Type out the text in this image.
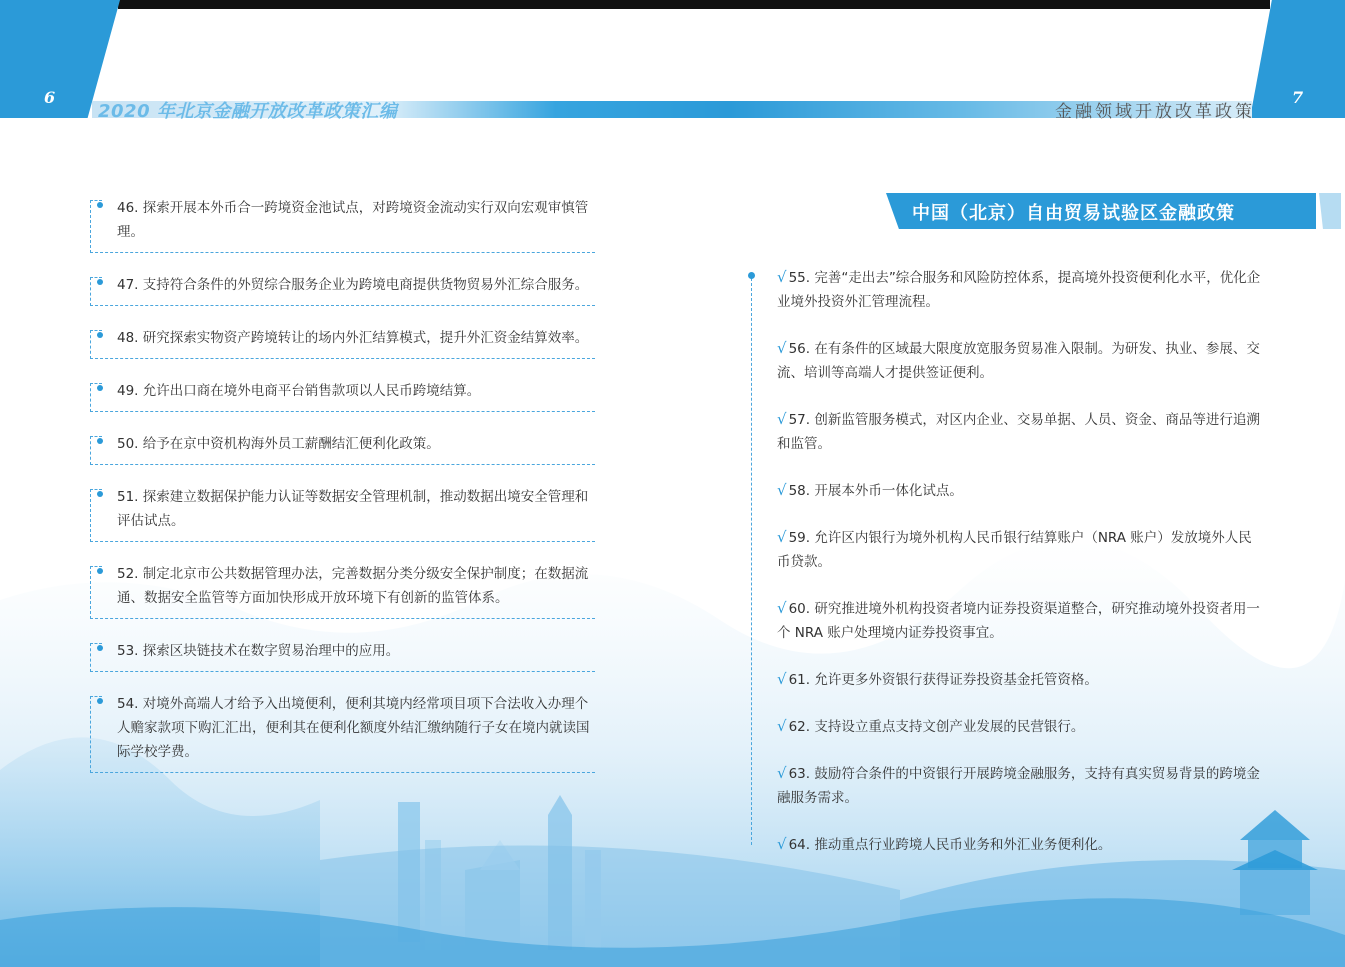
6	7
2020 年北京金融开放改革政策汇编	金融领域开放改革政策
46. 探索开展本外币合一跨境资金池试点，对跨境资金流动实行双向宏观审慎管理。
47. 支持符合条件的外贸综合服务企业为跨境电商提供货物贸易外汇综合服务。
48. 研究探索实物资产跨境转让的场内外汇结算模式，提升外汇资金结算效率。
49. 允许出口商在境外电商平台销售款项以人民币跨境结算。
50. 给予在京中资机构海外员工薪酬结汇便利化政策。
51. 探索建立数据保护能力认证等数据安全管理机制，推动数据出境安全管理和评估试点。
52. 制定北京市公共数据管理办法，完善数据分类分级安全保护制度；在数据流通、数据安全监管等方面加快形成开放环境下有创新的监管体系。
53. 探索区块链技术在数字贸易治理中的应用。
54. 对境外高端人才给予入出境便利，便利其境内经常项目项下合法收入办理个人赡家款项下购汇汇出，便利其在便利化额度外结汇缴纳随行子女在境内就读国际学校学费。
中国（北京）自由贸易试验区金融政策
√ 55. 完善“走出去”综合服务和风险防控体系，提高境外投资便利化水平，优化企业境外投资外汇管理流程。
√ 56. 在有条件的区域最大限度放宽服务贸易准入限制。为研发、执业、参展、交流、培训等高端人才提供签证便利。
√ 57. 创新监管服务模式，对区内企业、交易单据、人员、资金、商品等进行追溯和监管。
√ 58. 开展本外币一体化试点。
√ 59. 允许区内银行为境外机构人民币银行结算账户（NRA 账户）发放境外人民币贷款。
√ 60. 研究推进境外机构投资者境内证券投资渠道整合，研究推动境外投资者用一个 NRA 账户处理境内证券投资事宜。
√ 61. 允许更多外资银行获得证券投资基金托管资格。
√ 62. 支持设立重点支持文创产业发展的民营银行。
√ 63. 鼓励符合条件的中资银行开展跨境金融服务，支持有真实贸易背景的跨境金融服务需求。
√ 64. 推动重点行业跨境人民币业务和外汇业务便利化。
